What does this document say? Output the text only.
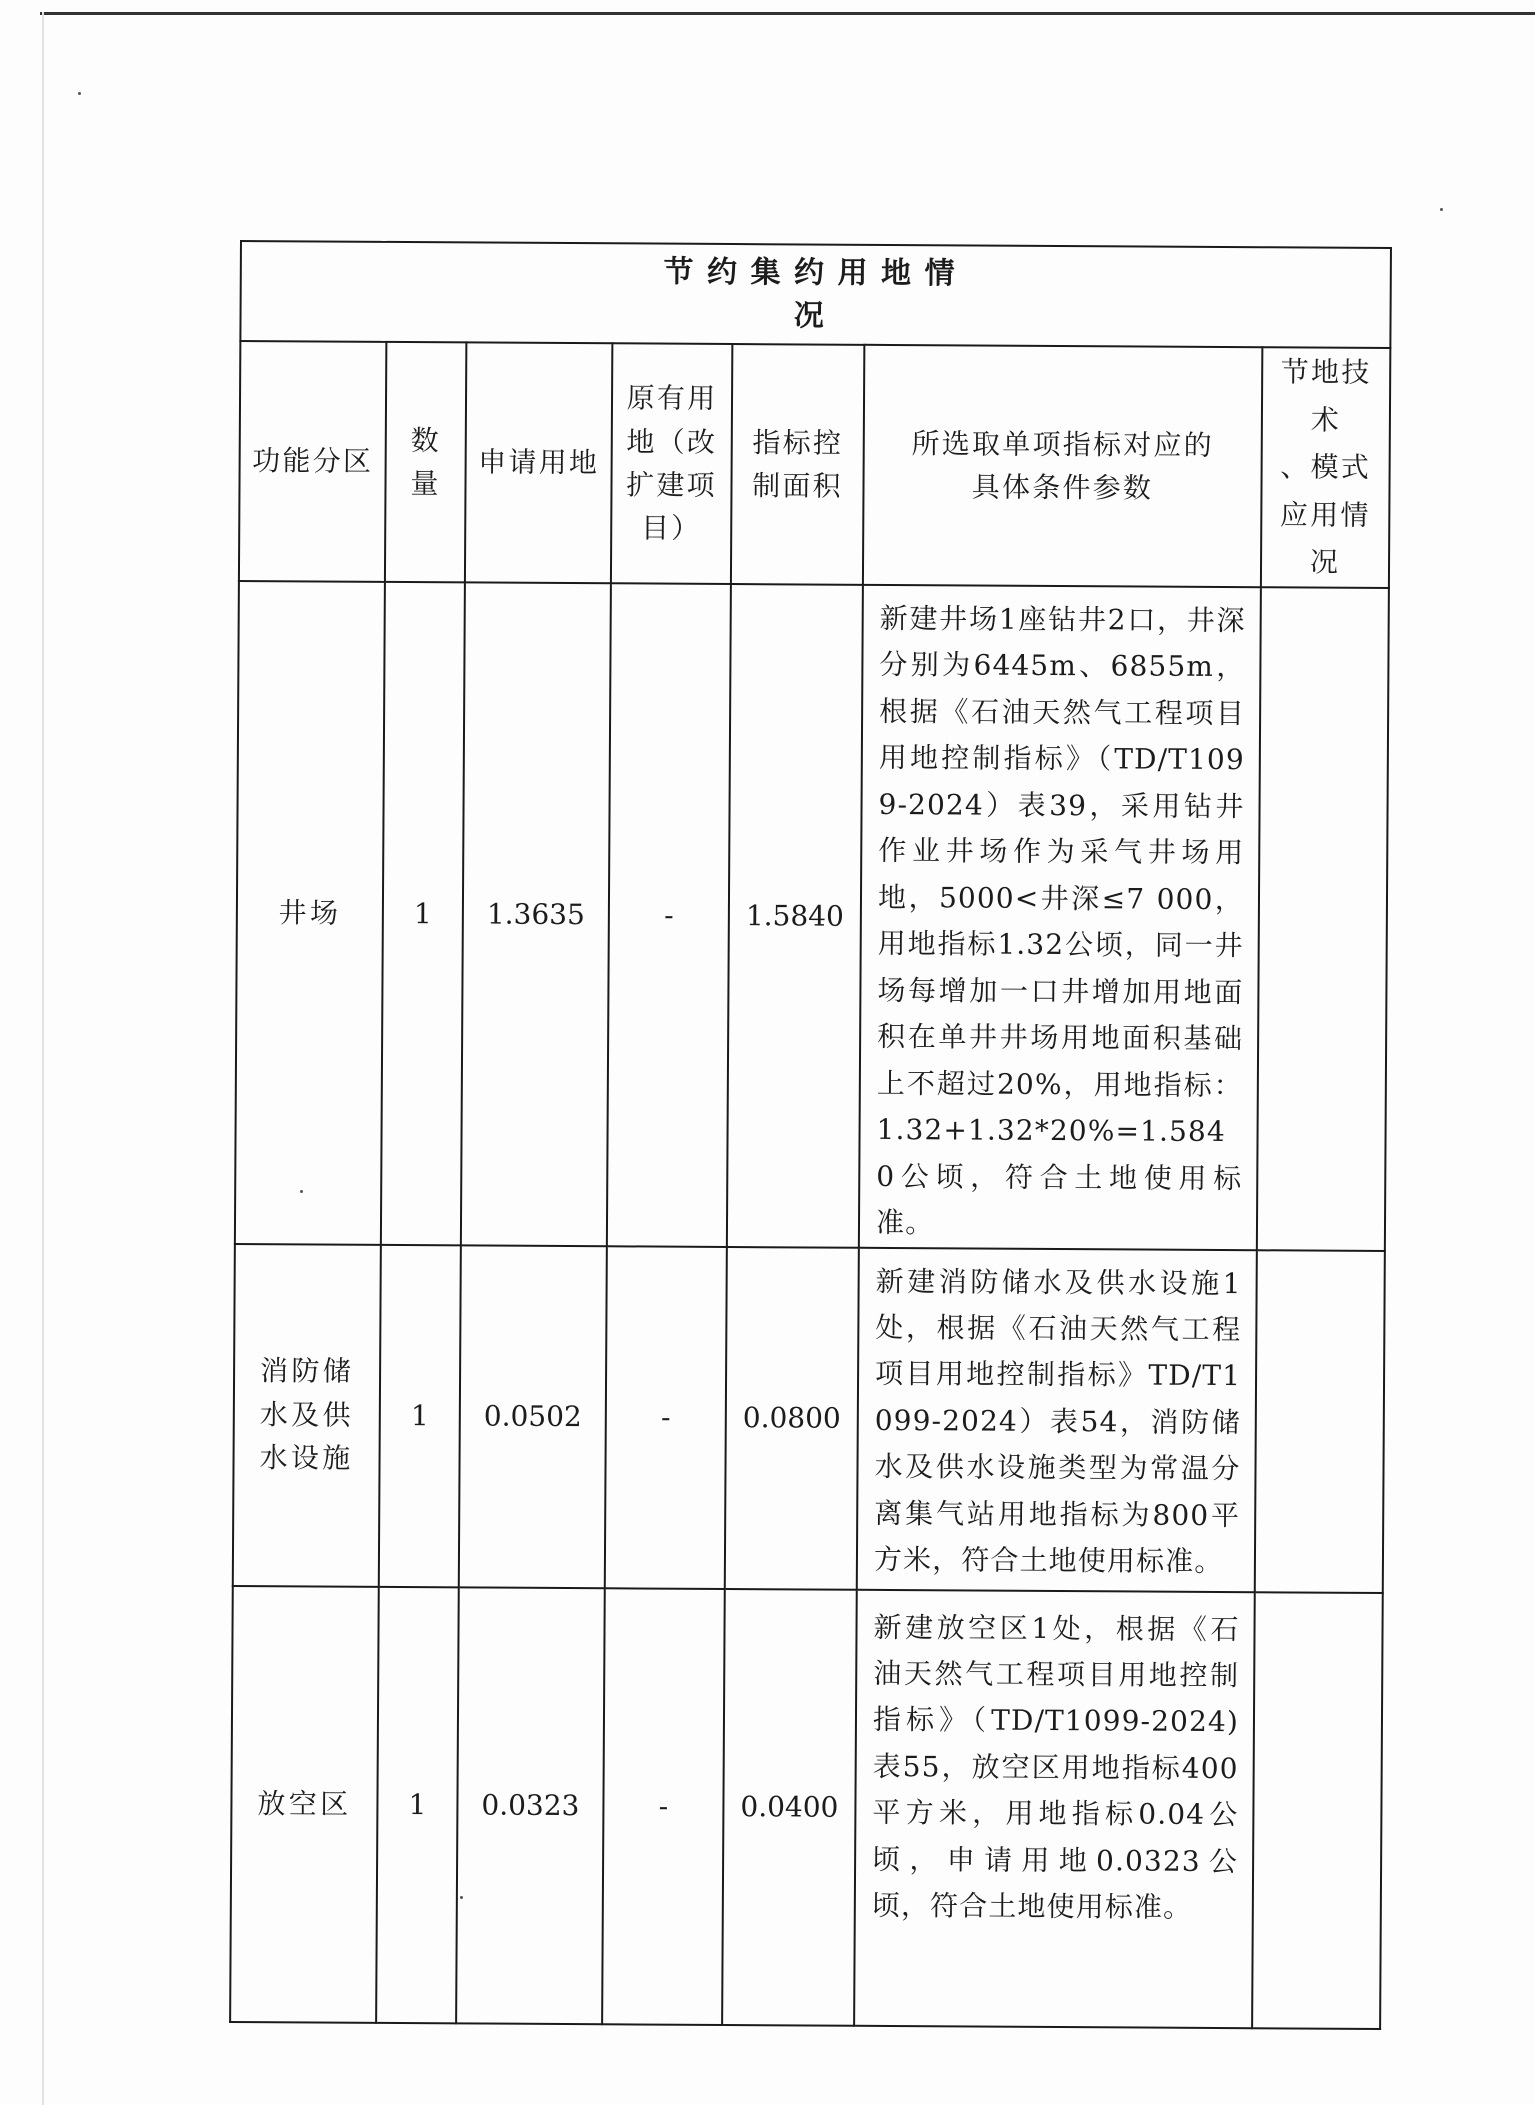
节约集约用地情
况						

功能分区	数量	申请用地	原有用地（改扩建项目）	指标控制面积	所选取单项指标对应的具体条件参数	节地技术
、模式
应用情
况

井场	1	1.3635	-	1.5840	新建井场1座钻井2口，井深分别为6445m、6855m，根据《石油天然气工程项目用地控制指标》（TD/T1099-2024）表39，采用钻井作业井场作为采气井场用地，5000<井深≤7 000，用地指标1.32公顷，同一井场每增加一口井增加用地面积在单井井场用地面积基础上不超过20%，用地指标：1.32+1.32*20%=1.5840公顷，符合土地使用标准。	
消防储水及供水设施	1	0.0502	-	0.0800	新建消防储水及供水设施1处，根据《石油天然气工程项目用地控制指标》TD/T1099-2024）表54，消防储水及供水设施类型为常温分离集气站用地指标为800平方米，符合土地使用标准。	
放空区	1	0.0323	-	0.0400	新建放空区1处，根据《石油天然气工程项目用地控制指标》（TD/T1099-2024)表55，放空区用地指标400平方米，用地指标0.04公顷，申请用地0.0323公顷，符合土地使用标准。	
